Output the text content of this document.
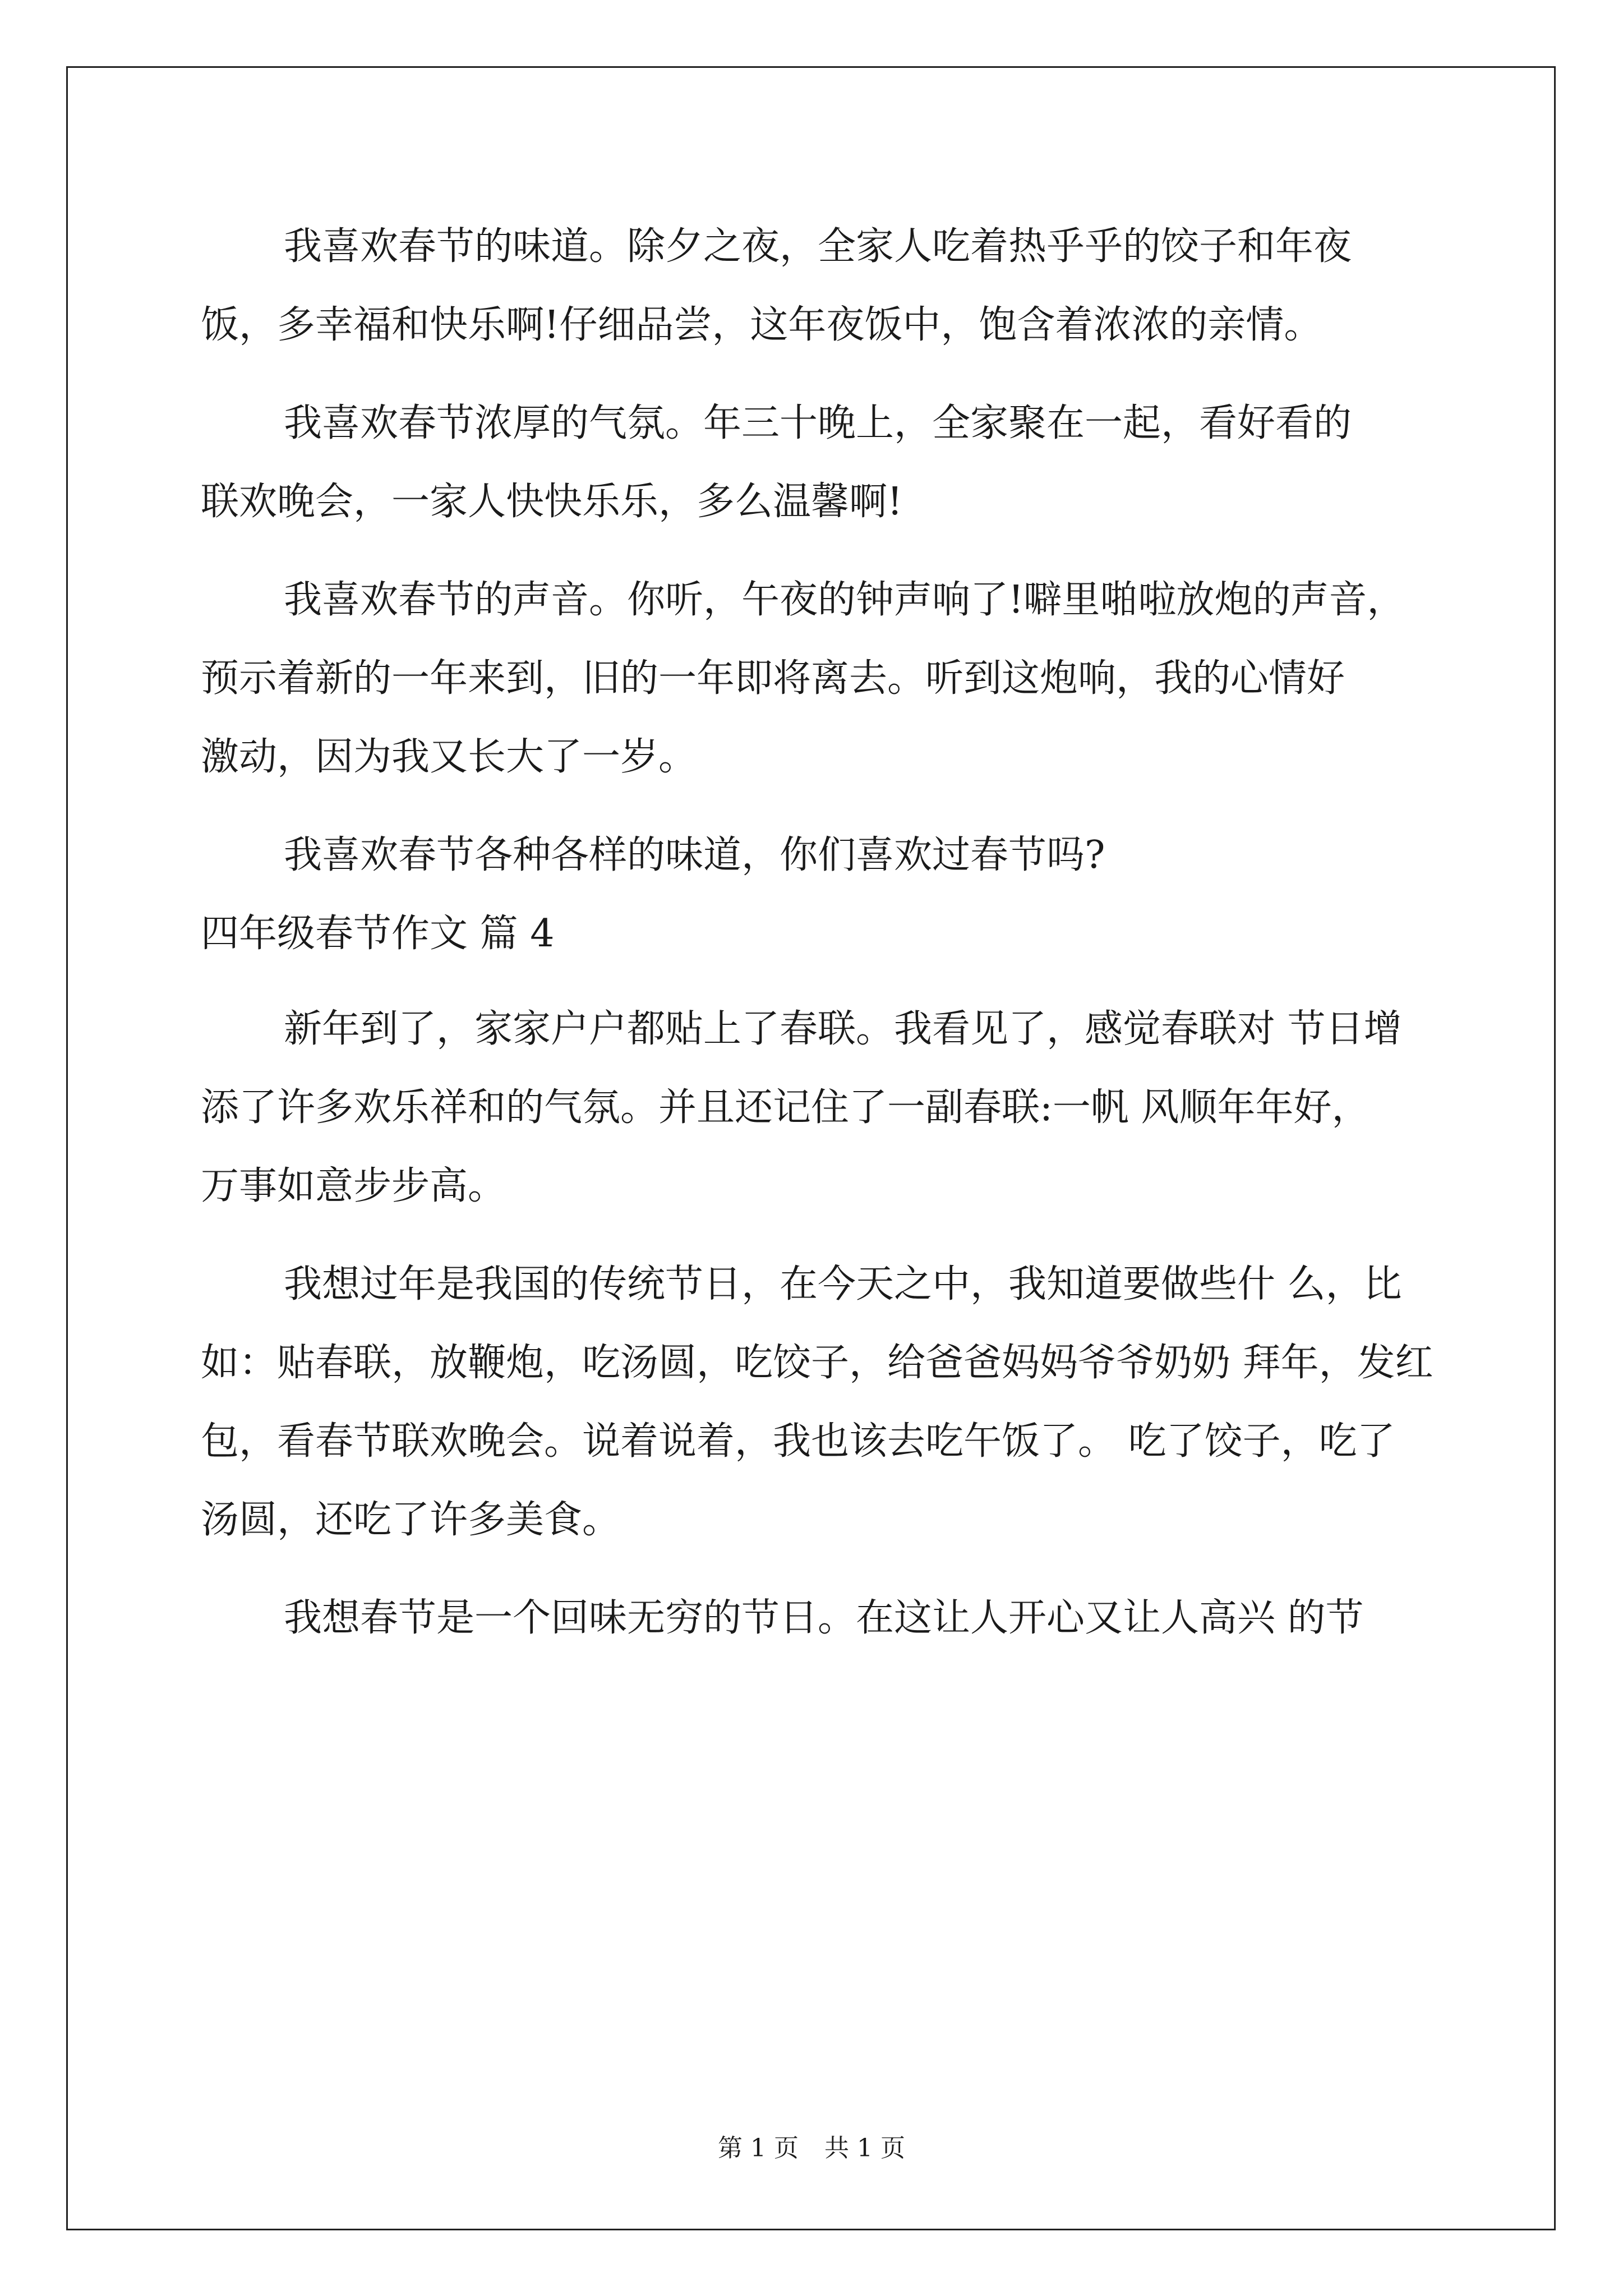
我喜欢春节的味道。除夕之夜，全家人吃着热乎乎的饺子和年夜
饭，多幸福和快乐啊!仔细品尝，这年夜饭中，饱含着浓浓的亲情。
我喜欢春节浓厚的气氛。年三十晚上，全家聚在一起，看好看的
联欢晚会，一家人快快乐乐，多么温馨啊!
我喜欢春节的声音。你听，午夜的钟声响了!噼里啪啦放炮的声音，
预示着新的一年来到，旧的一年即将离去。听到这炮响，我的心情好
激动，因为我又长大了一岁。
我喜欢春节各种各样的味道，你们喜欢过春节吗?
四年级春节作文 篇 4
新年到了，家家户户都贴上了春联。我看见了，感觉春联对 节日增
添了许多欢乐祥和的气氛。并且还记住了一副春联:一帆 风顺年年好，
万事如意步步高。
我想过年是我国的传统节日，在今天之中，我知道要做些什 么，比
如：贴春联，放鞭炮，吃汤圆，吃饺子，给爸爸妈妈爷爷奶奶 拜年，发红
包，看春节联欢晚会。说着说着，我也该去吃午饭了。 吃了饺子，吃了
汤圆，还吃了许多美食。
我想春节是一个回味无穷的节日。在这让人开心又让人高兴 的节
第 1 页 共 1 页
